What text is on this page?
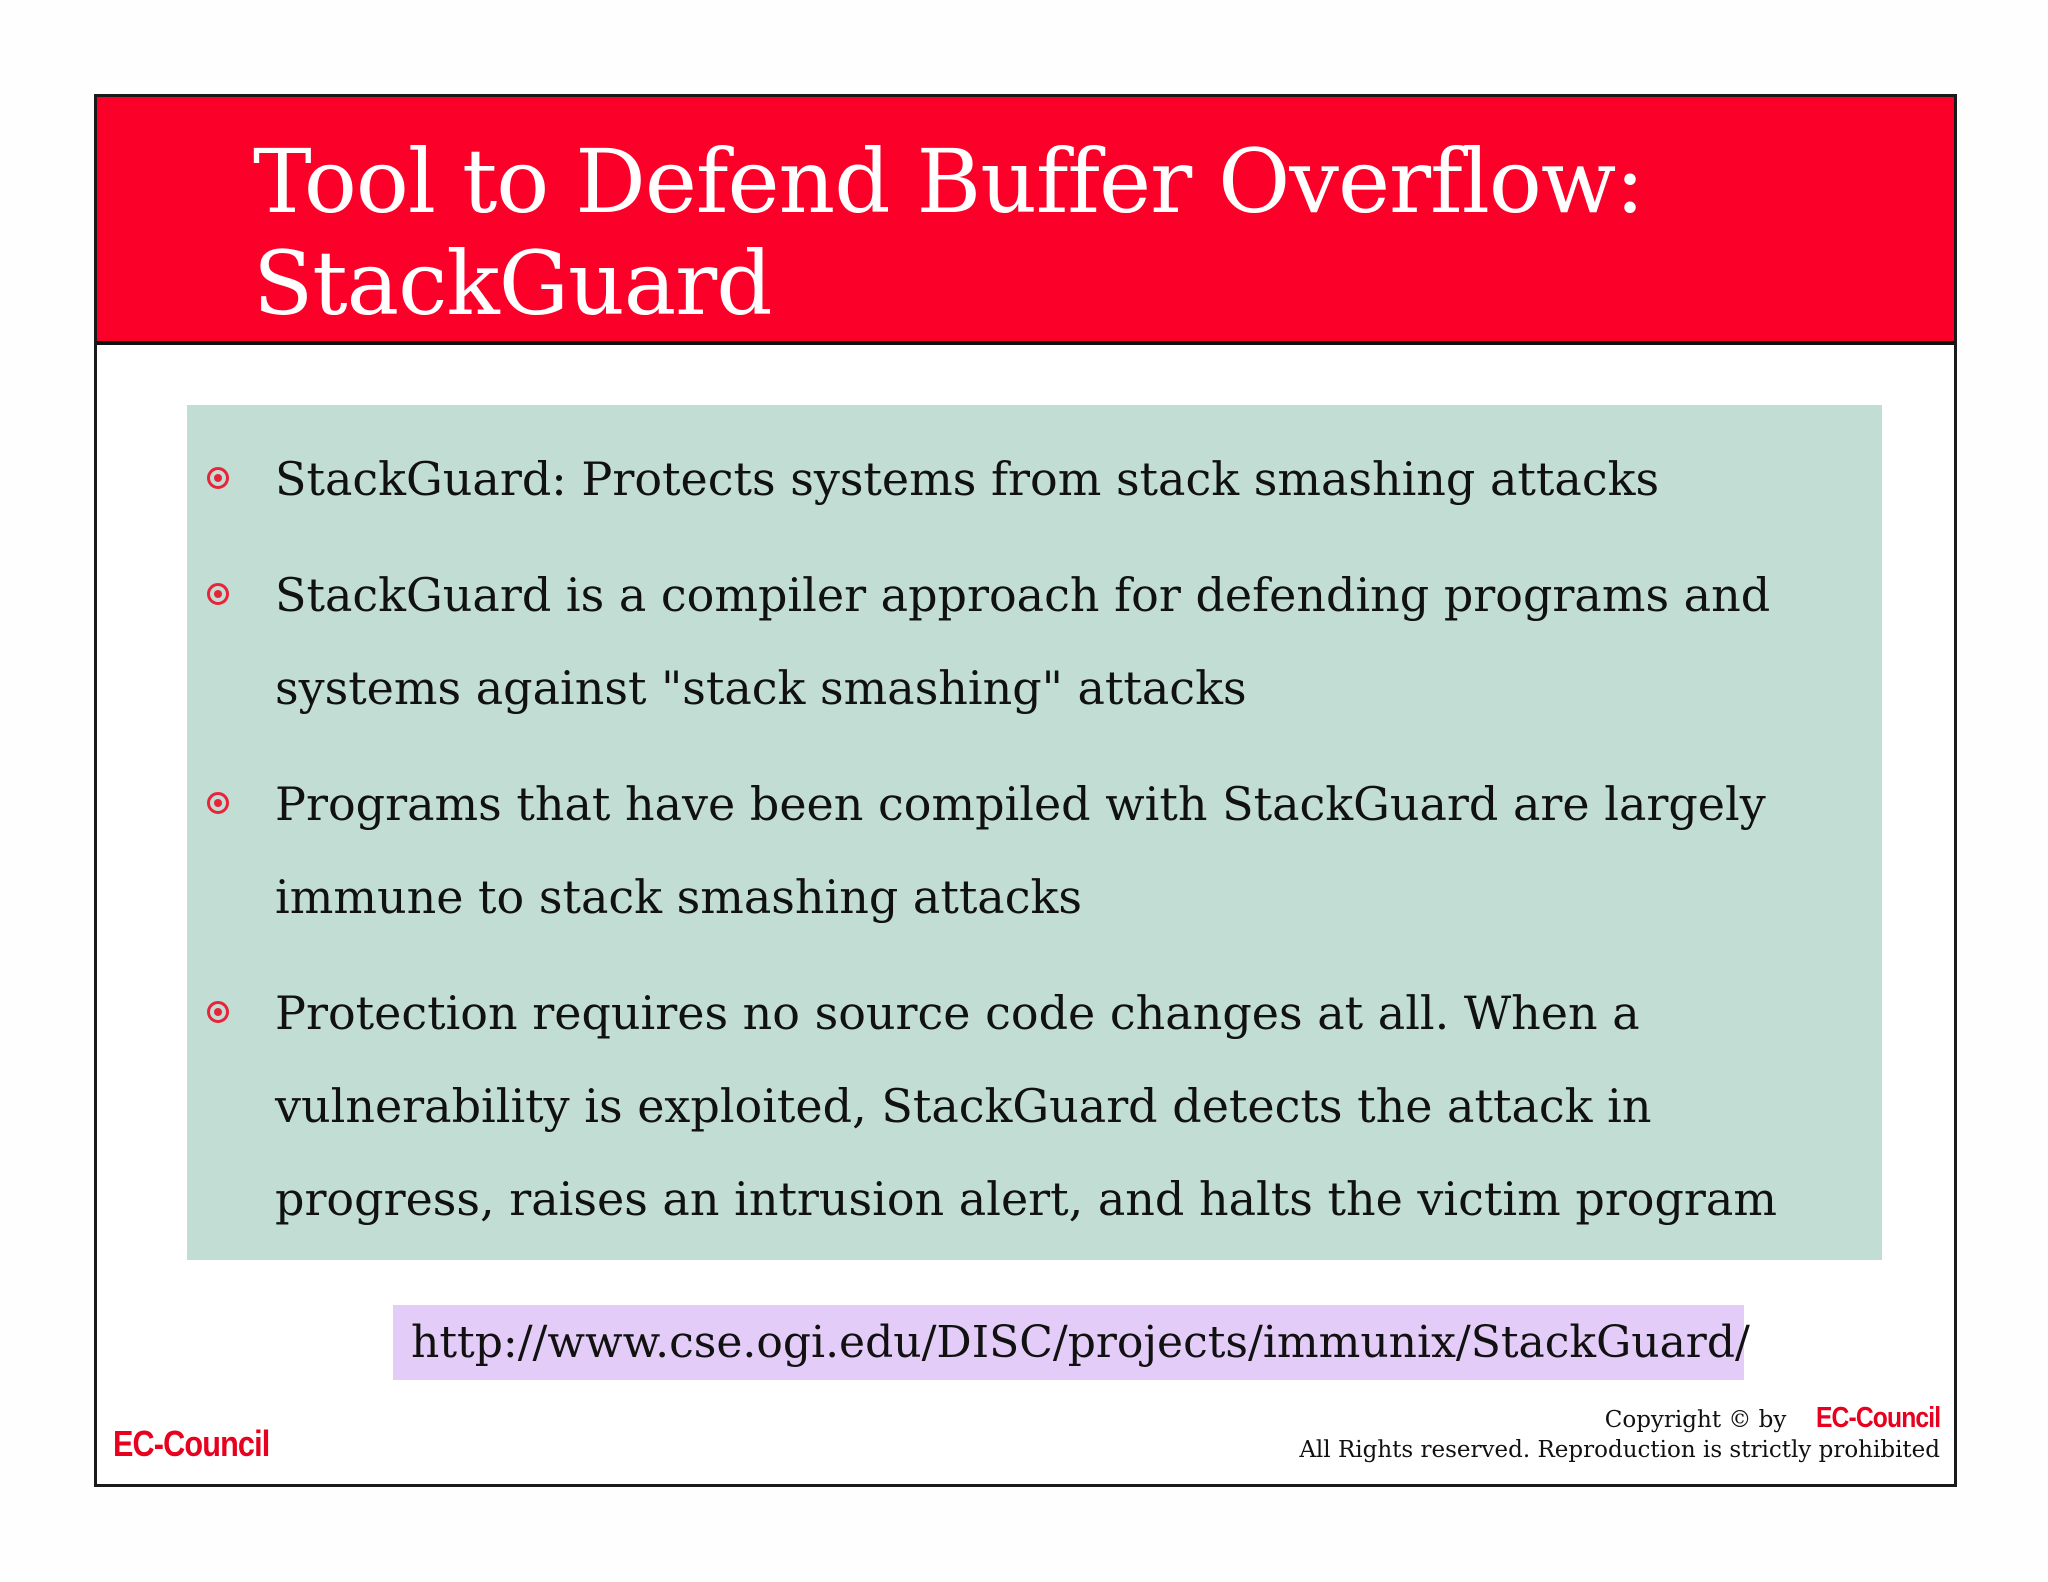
Tool to Defend Buffer Overflow:
StackGuard
StackGuard: Protects systems from stack smashing attacks
StackGuard is a compiler approach for defending programs and systems against "stack smashing" attacks
Programs that have been compiled with StackGuard are largely immune to stack smashing attacks
Protection requires no source code changes at all. When a vulnerability is exploited, StackGuard detects the attack in progress, raises an intrusion alert, and halts the victim program
http://www.cse.ogi.edu/DISC/projects/immunix/StackGuard/
EC-Council
Copyright © by EC-Council
All Rights reserved. Reproduction is strictly prohibited
